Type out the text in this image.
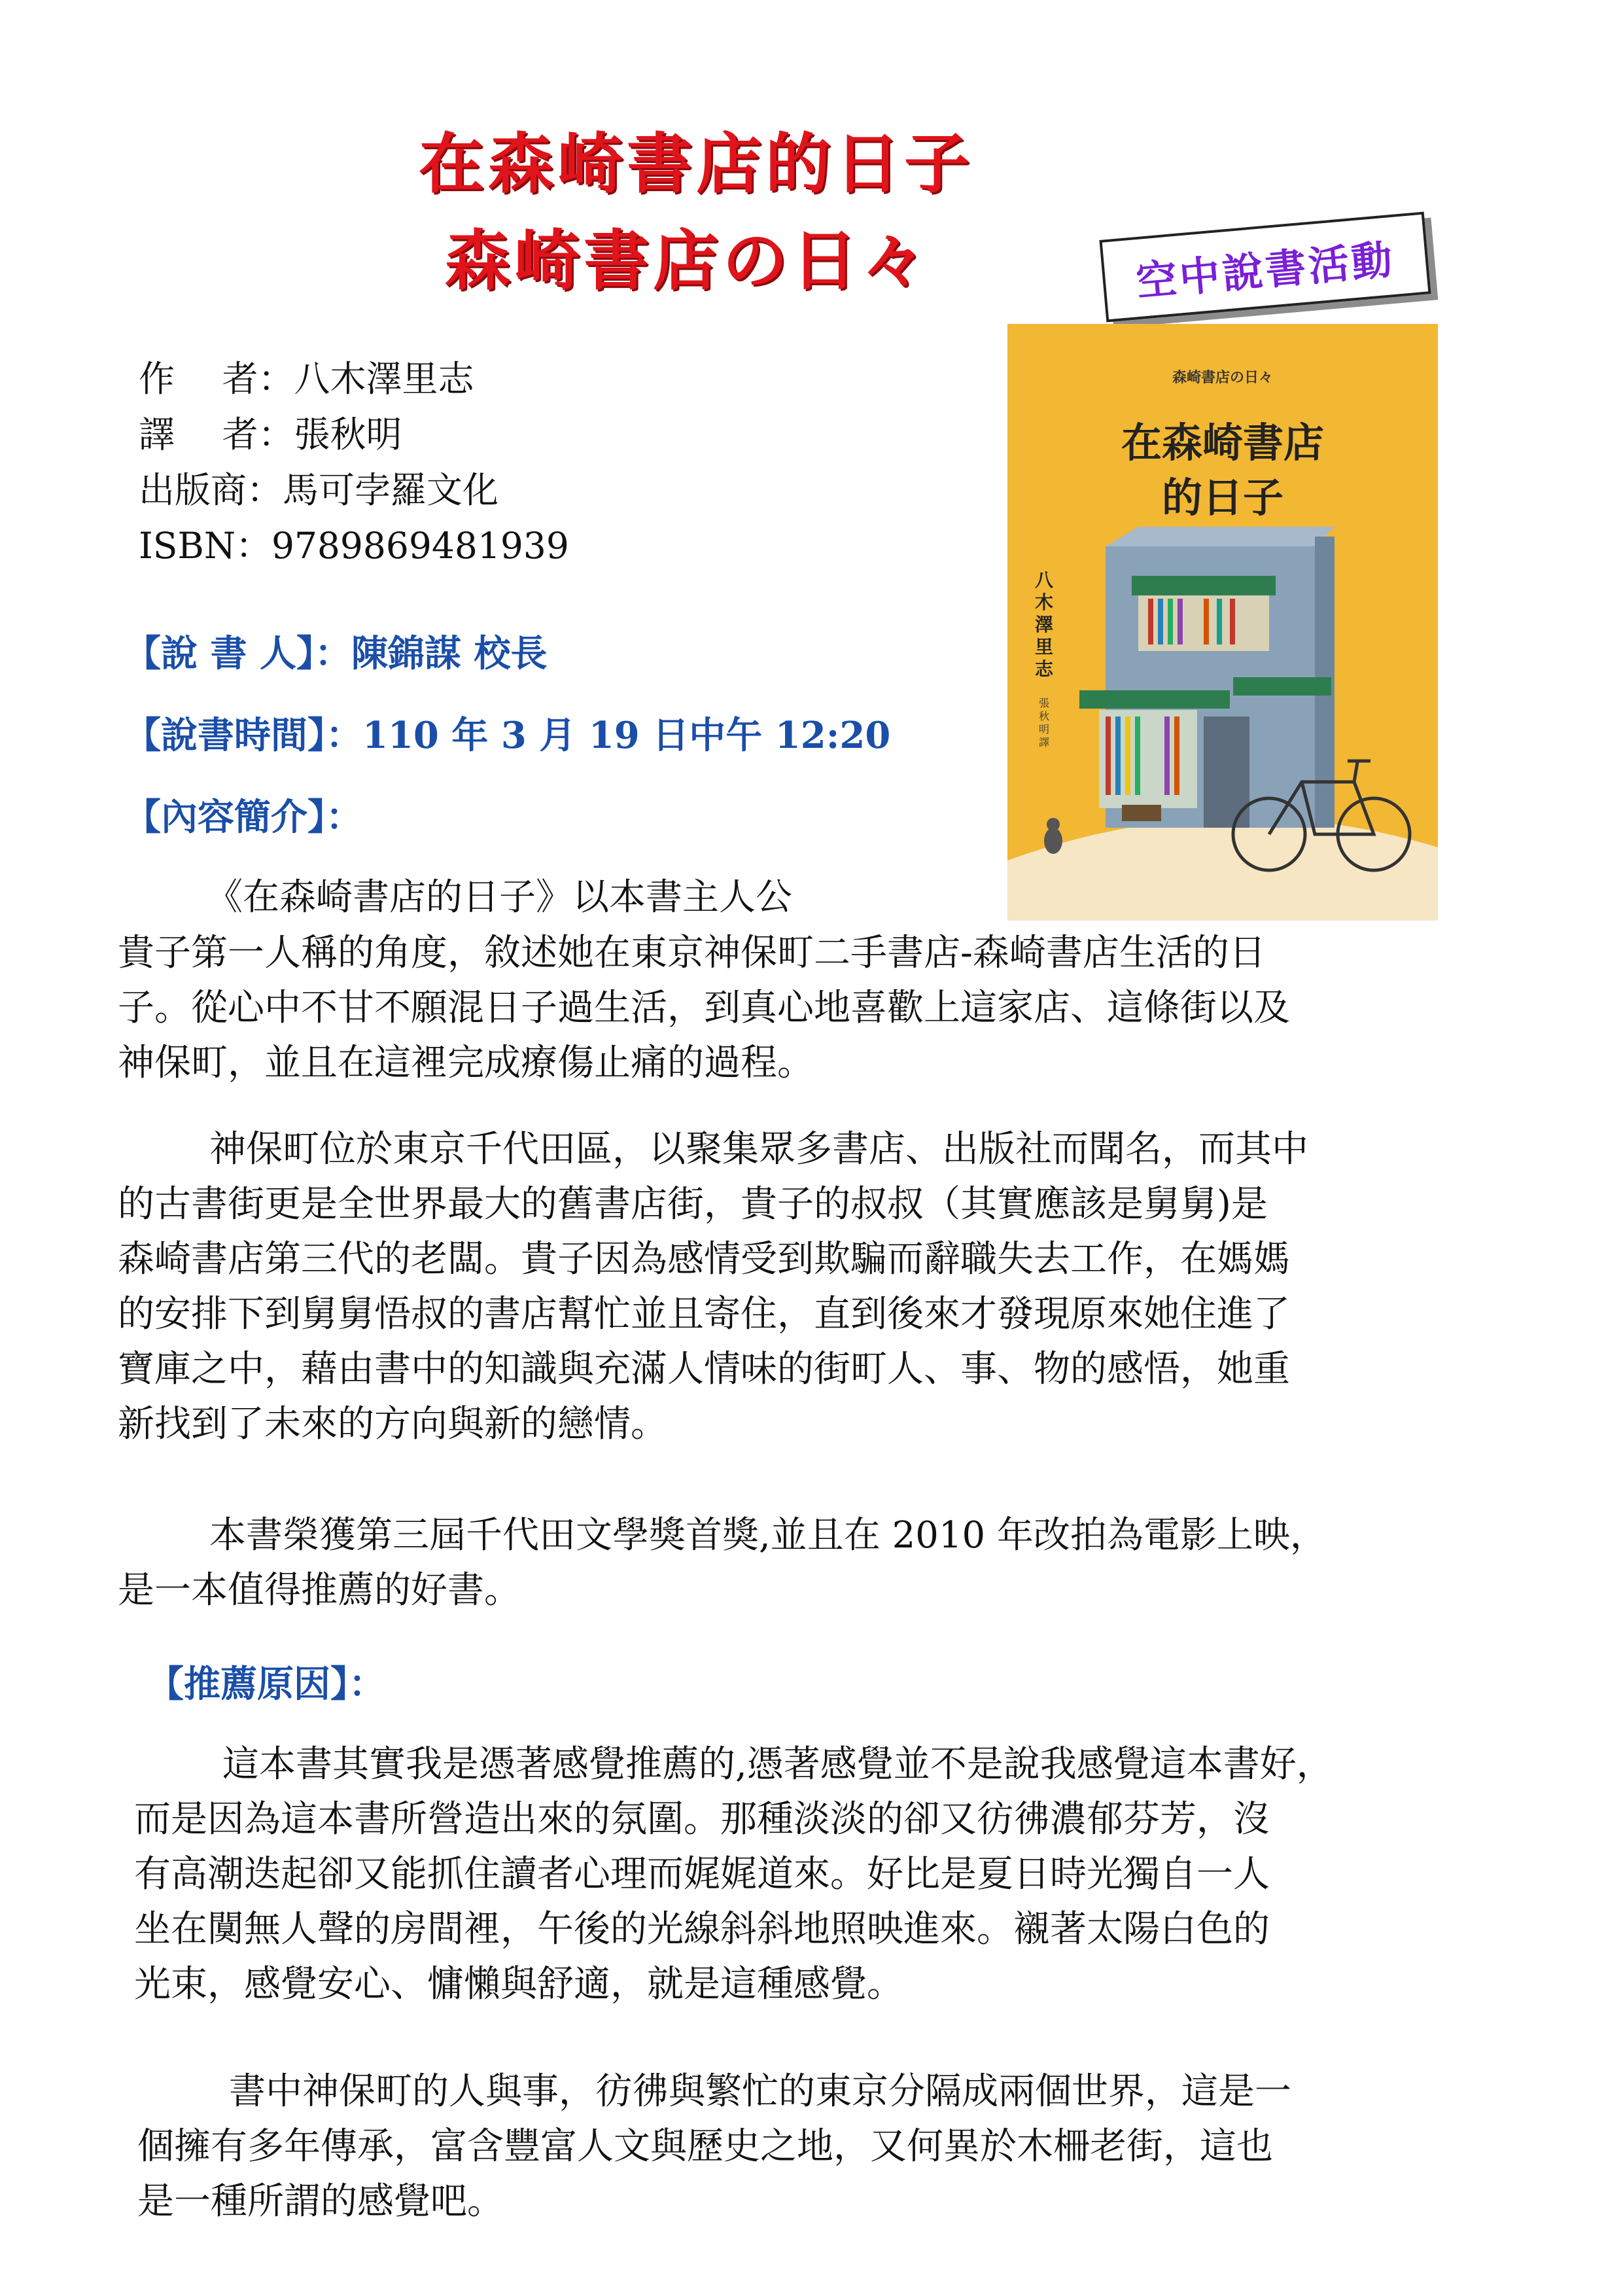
在森崎書店的日子
森崎書店の日々	空中說書活動
作　 者：八木澤里志
譯　 者：張秋明
出版商：馬可孛羅文化
ISBN：9789869481939
【說 書 人】：陳錦謀 校長
【說書時間】：110 年 3 月 19 日中午 12:20
【內容簡介】：
森崎書店の日々
在森崎書店
的日子
八木澤里志
張秋明 譯
《在森崎書店的日子》以本書主人公
貴子第一人稱的角度，敘述她在東京神保町二手書店-森崎書店生活的日
子。從心中不甘不願混日子過生活，到真心地喜歡上這家店、這條街以及
神保町，並且在這裡完成療傷止痛的過程。
神保町位於東京千代田區，以聚集眾多書店、出版社而聞名，而其中
的古書街更是全世界最大的舊書店街，貴子的叔叔（其實應該是舅舅)是
森崎書店第三代的老闆。貴子因為感情受到欺騙而辭職失去工作，在媽媽
的安排下到舅舅悟叔的書店幫忙並且寄住，直到後來才發現原來她住進了
寶庫之中，藉由書中的知識與充滿人情味的街町人、事、物的感悟，她重
新找到了未來的方向與新的戀情。
本書榮獲第三屆千代田文學獎首獎,並且在 2010 年改拍為電影上映，
是一本值得推薦的好書。
【推薦原因】：
這本書其實我是憑著感覺推薦的,憑著感覺並不是說我感覺這本書好，
而是因為這本書所營造出來的氛圍。那種淡淡的卻又彷彿濃郁芬芳，沒
有高潮迭起卻又能抓住讀者心理而娓娓道來。好比是夏日時光獨自一人
坐在闃無人聲的房間裡，午後的光線斜斜地照映進來。襯著太陽白色的
光束，感覺安心、慵懶與舒適，就是這種感覺。
書中神保町的人與事，彷彿與繁忙的東京分隔成兩個世界，這是一
個擁有多年傳承，富含豐富人文與歷史之地，又何異於木柵老街，這也
是一種所謂的感覺吧。
